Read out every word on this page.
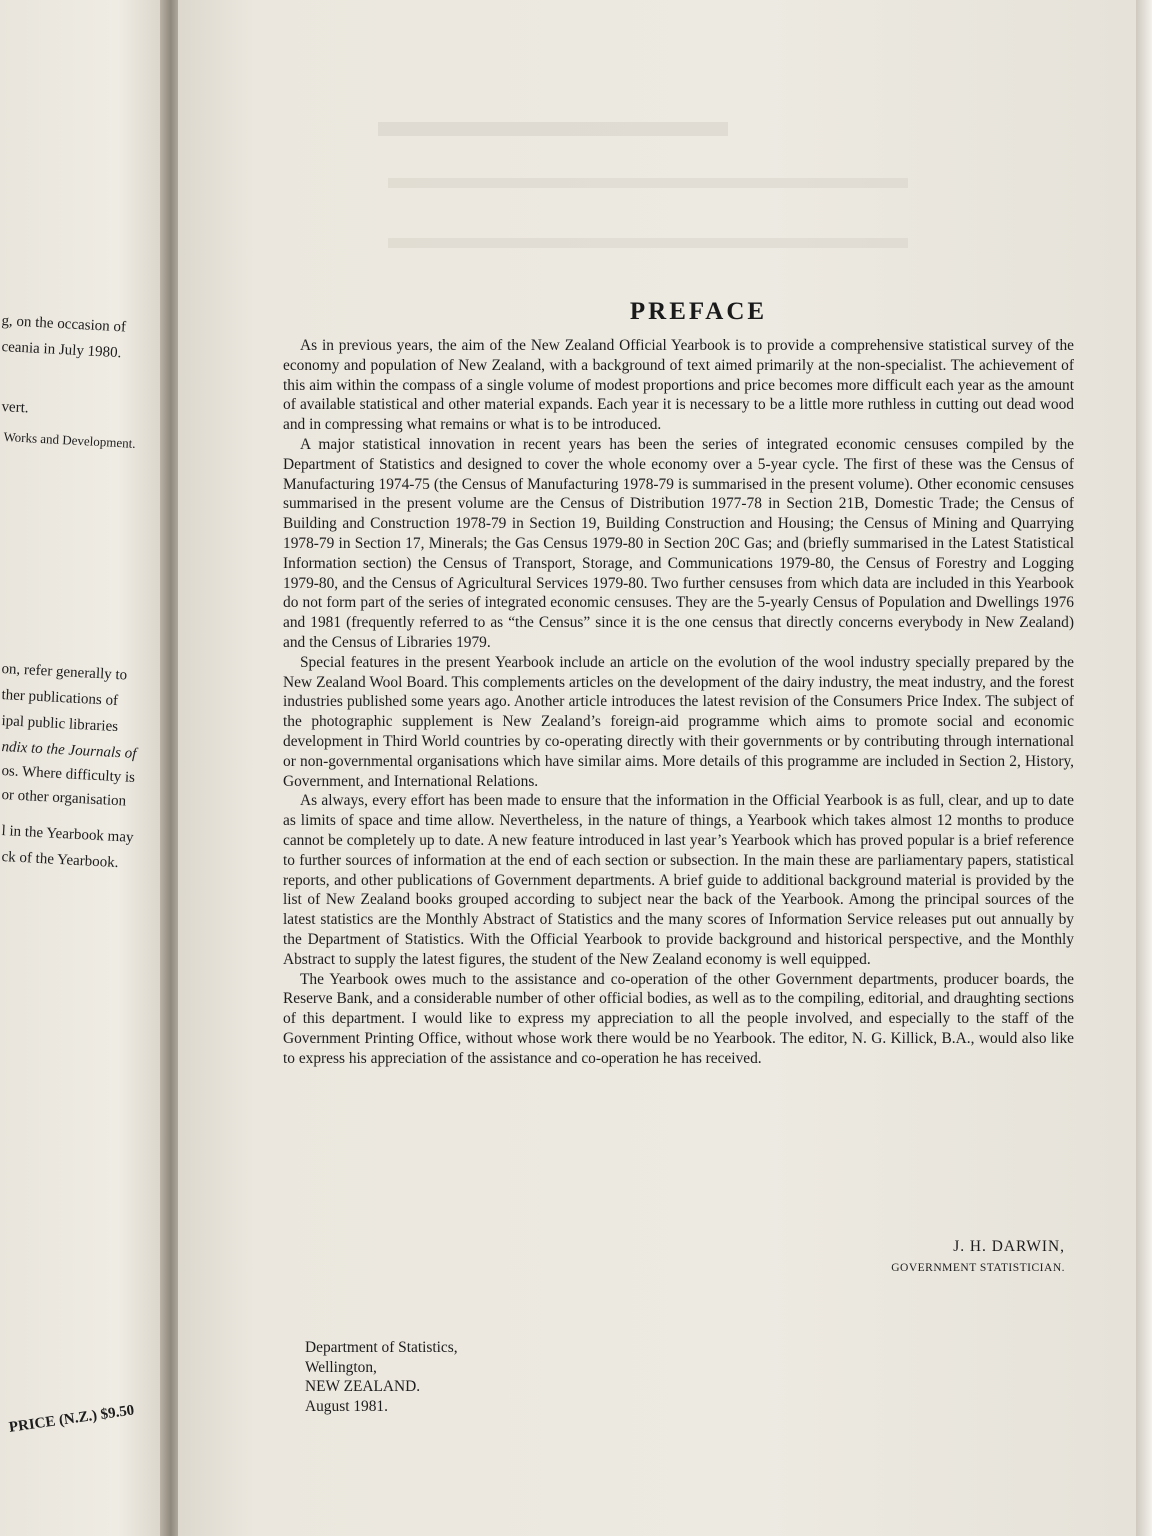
g, on the occasion of
ceania in July 1980.
vert.
Works and Development.
on, refer generally to
ther publications of
ipal public libraries
ndix to the Journals of
os. Where difficulty is
or other organisation
l in the Yearbook may
ck of the Yearbook.
PRICE (N.Z.) $9.50
PREFACE

As in previous years, the aim of the New Zealand Official Yearbook is to provide a comprehensive statistical survey of the economy and population of New Zealand, with a background of text aimed primarily at the non-specialist. The achievement of this aim within the compass of a single volume of modest proportions and price becomes more difficult each year as the amount of available statistical and other material expands. Each year it is necessary to be a little more ruthless in cutting out dead wood and in compressing what remains or what is to be introduced.

A major statistical innovation in recent years has been the series of integrated economic censuses compiled by the Department of Statistics and designed to cover the whole economy over a 5-year cycle. The first of these was the Census of Manufacturing 1974-75 (the Census of Manufacturing 1978-79 is summarised in the present volume). Other economic censuses summarised in the present volume are the Census of Distribution 1977-78 in Section 21B, Domestic Trade; the Census of Building and Construction 1978-79 in Section 19, Building Construction and Housing; the Census of Mining and Quarrying 1978-79 in Section 17, Minerals; the Gas Census 1979-80 in Section 20C Gas; and (briefly summarised in the Latest Statistical Information section) the Census of Transport, Storage, and Communications 1979-80, the Census of Forestry and Logging 1979-80, and the Census of Agricultural Services 1979-80. Two further censuses from which data are included in this Yearbook do not form part of the series of integrated economic censuses. They are the 5-yearly Census of Population and Dwellings 1976 and 1981 (frequently referred to as “the Census” since it is the one census that directly concerns everybody in New Zealand) and the Census of Libraries 1979.

Special features in the present Yearbook include an article on the evolution of the wool industry specially prepared by the New Zealand Wool Board. This complements articles on the development of the dairy industry, the meat industry, and the forest industries published some years ago. Another article introduces the latest revision of the Consumers Price Index. The subject of the photographic supplement is New Zealand’s foreign-aid programme which aims to promote social and economic development in Third World countries by co-operating directly with their governments or by contributing through international or non-governmental organisations which have similar aims. More details of this programme are included in Section 2, History, Government, and International Relations.

As always, every effort has been made to ensure that the information in the Official Yearbook is as full, clear, and up to date as limits of space and time allow. Nevertheless, in the nature of things, a Yearbook which takes almost 12 months to produce cannot be completely up to date. A new feature introduced in last year’s Yearbook which has proved popular is a brief reference to further sources of information at the end of each section or subsection. In the main these are parliamentary papers, statistical reports, and other publications of Government departments. A brief guide to additional background material is provided by the list of New Zealand books grouped according to subject near the back of the Yearbook. Among the principal sources of the latest statistics are the Monthly Abstract of Statistics and the many scores of Information Service releases put out annually by the Department of Statistics. With the Official Yearbook to provide background and historical perspective, and the Monthly Abstract to supply the latest figures, the student of the New Zealand economy is well equipped.

The Yearbook owes much to the assistance and co-operation of the other Government departments, producer boards, the Reserve Bank, and a considerable number of other official bodies, as well as to the compiling, editorial, and draughting sections of this department. I would like to express my appreciation to all the people involved, and especially to the staff of the Government Printing Office, without whose work there would be no Yearbook. The editor, N. G. Killick, B.A., would also like to express his appreciation of the assistance and co-operation he has received.

J. H. DARWIN,
GOVERNMENT STATISTICIAN.
Department of Statistics,
Wellington,
NEW ZEALAND.
August 1981.
